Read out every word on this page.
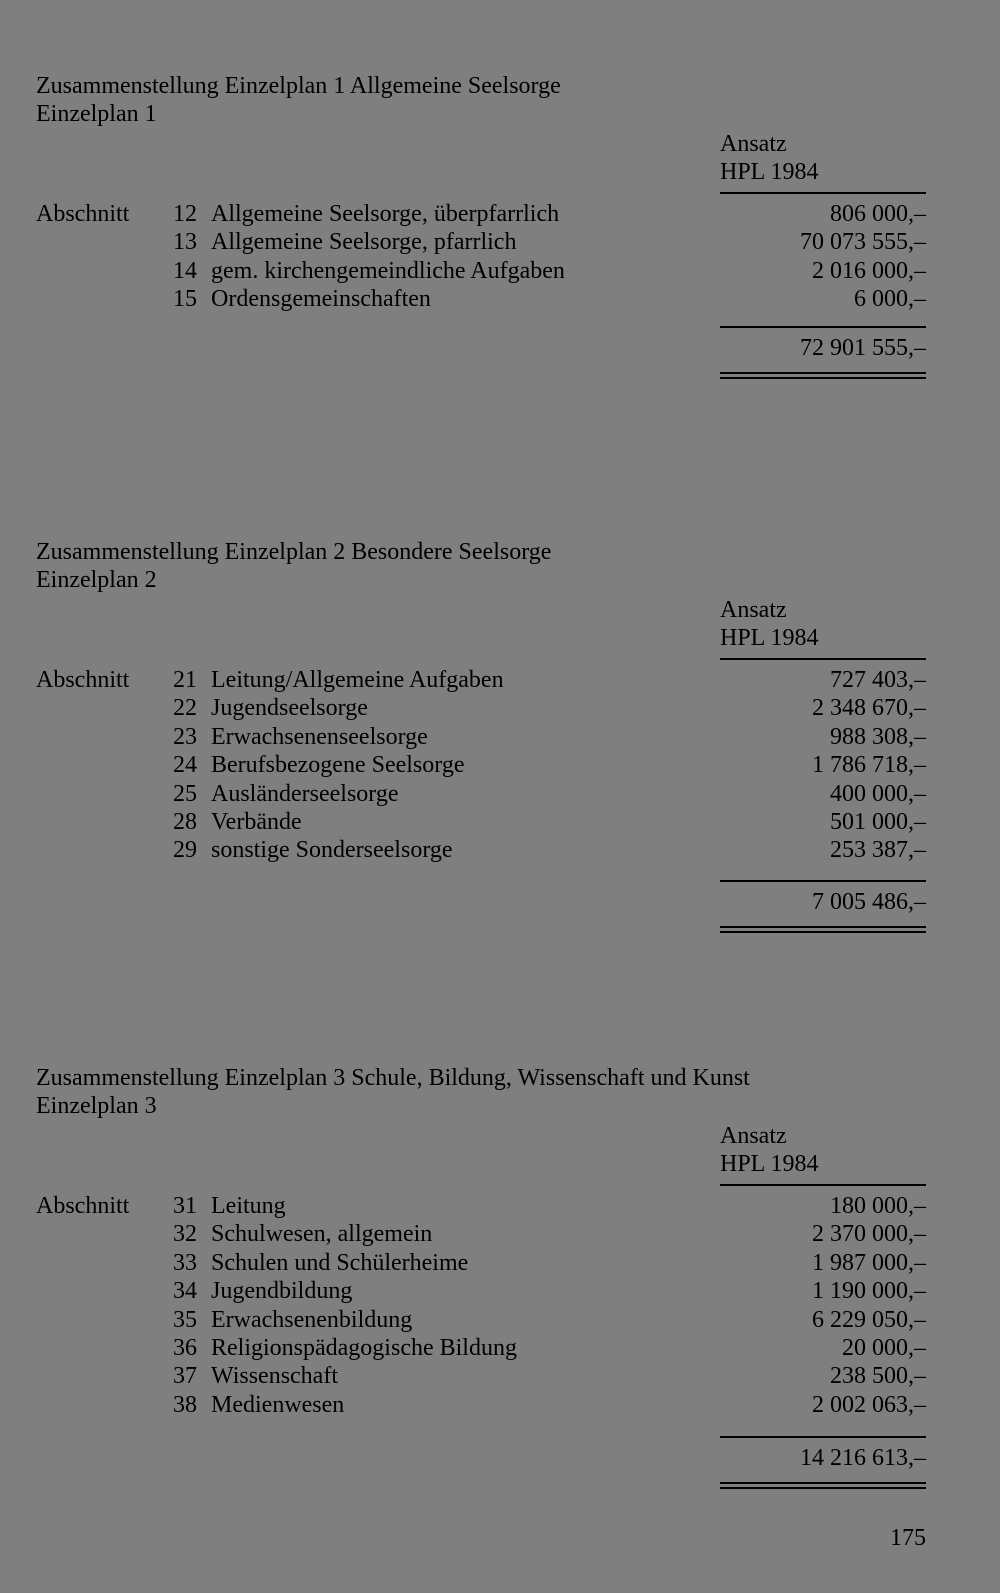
Zusammenstellung Einzelplan 1 Allgemeine Seelsorge
Einzelplan 1
Ansatz
HPL 1984
Abschnitt 12 Allgemeine Seelsorge, überpfarrlich	806 000,–
13 Allgemeine Seelsorge, pfarrlich	70 073 555,–
14 gem. kirchengemeindliche Aufgaben	2 016 000,–
15 Ordensgemeinschaften	6 000,–
72 901 555,–
Zusammenstellung Einzelplan 2 Besondere Seelsorge
Einzelplan 2
Ansatz
HPL 1984
Abschnitt 21 Leitung/Allgemeine Aufgaben	727 403,–
22 Jugendseelsorge	2 348 670,–
23 Erwachsenenseelsorge	988 308,–
24 Berufsbezogene Seelsorge	1 786 718,–
25 Ausländerseelsorge	400 000,–
28 Verbände	501 000,–
29 sonstige Sonderseelsorge	253 387,–
7 005 486,–
Zusammenstellung Einzelplan 3 Schule, Bildung, Wissenschaft und Kunst
Einzelplan 3
Ansatz
HPL 1984
Abschnitt 31 Leitung	180 000,–
32 Schulwesen, allgemein	2 370 000,–
33 Schulen und Schülerheime	1 987 000,–
34 Jugendbildung	1 190 000,–
35 Erwachsenenbildung	6 229 050,–
36 Religionspädagogische Bildung	20 000,–
37 Wissenschaft	238 500,–
38 Medienwesen	2 002 063,–
14 216 613,–
175
